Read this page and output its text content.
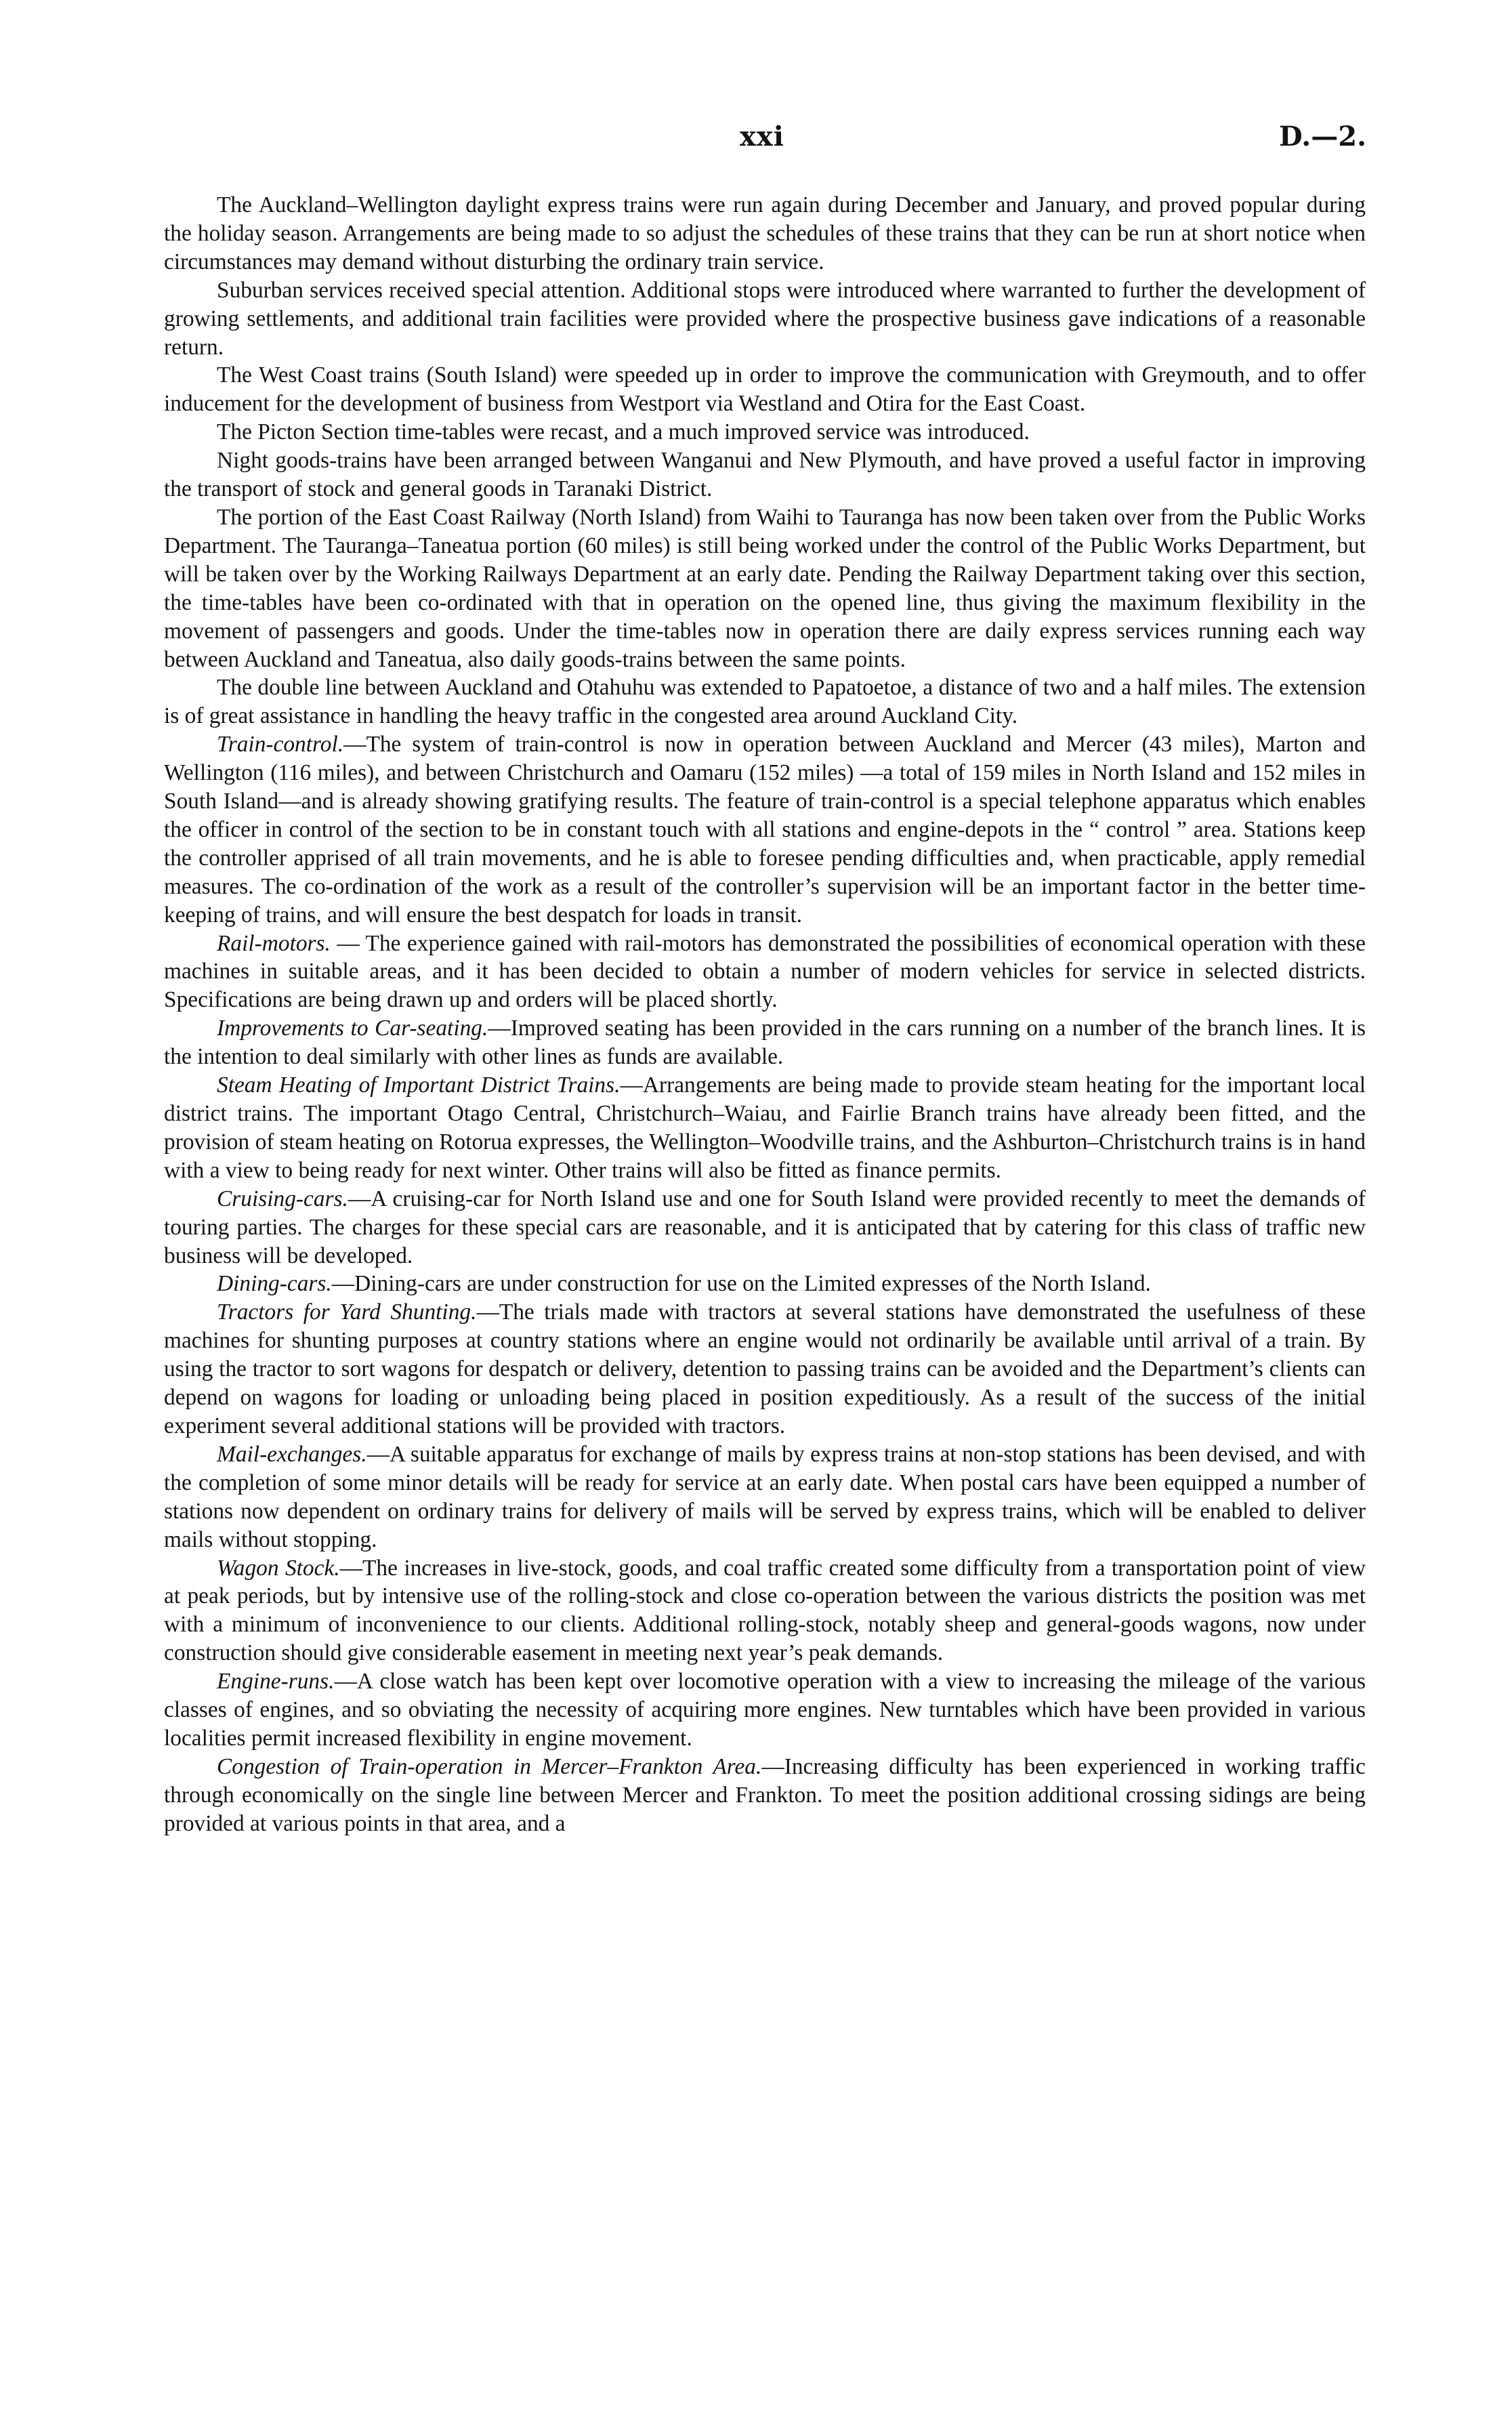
xxi	D.—2.

The Auckland–Wellington daylight express trains were run again during December and January, and proved popular during the holiday season. Arrangements are being made to so adjust the schedules of these trains that they can be run at short notice when circumstances may demand without disturbing the ordinary train service.

Suburban services received special attention. Additional stops were introduced where warranted to further the development of growing settlements, and additional train facilities were provided where the prospective business gave indications of a reasonable return.

The West Coast trains (South Island) were speeded up in order to improve the communication with Greymouth, and to offer inducement for the development of business from Westport via Westland and Otira for the East Coast.

The Picton Section time-tables were recast, and a much improved service was introduced.

Night goods-trains have been arranged between Wanganui and New Plymouth, and have proved a useful factor in improving the transport of stock and general goods in Taranaki District.

The portion of the East Coast Railway (North Island) from Waihi to Tauranga has now been taken over from the Public Works Department. The Tauranga–Taneatua portion (60 miles) is still being worked under the control of the Public Works Department, but will be taken over by the Working Railways Department at an early date. Pending the Railway Department taking over this section, the time-tables have been co-ordinated with that in operation on the opened line, thus giving the maximum flexibility in the movement of passengers and goods. Under the time-tables now in operation there are daily express services running each way between Auckland and Taneatua, also daily goods-trains between the same points.

The double line between Auckland and Otahuhu was extended to Papatoetoe, a distance of two and a half miles. The extension is of great assistance in handling the heavy traffic in the congested area around Auckland City.

Train-control.—The system of train-control is now in operation between Auckland and Mercer (43 miles), Marton and Wellington (116 miles), and between Christchurch and Oamaru (152 miles) —a total of 159 miles in North Island and 152 miles in South Island—and is already showing gratifying results. The feature of train-control is a special telephone apparatus which enables the officer in control of the section to be in constant touch with all stations and engine-depots in the “ control ” area. Stations keep the controller apprised of all train movements, and he is able to foresee pending difficulties and, when practicable, apply remedial measures. The co-ordination of the work as a result of the controller’s supervision will be an important factor in the better time-keeping of trains, and will ensure the best despatch for loads in transit.

Rail-motors. — The experience gained with rail-motors has demonstrated the possibilities of economical operation with these machines in suitable areas, and it has been decided to obtain a number of modern vehicles for service in selected districts. Specifications are being drawn up and orders will be placed shortly.

Improvements to Car-seating.—Improved seating has been provided in the cars running on a number of the branch lines. It is the intention to deal similarly with other lines as funds are available.

Steam Heating of Important District Trains.—Arrangements are being made to provide steam heating for the important local district trains. The important Otago Central, Christchurch–Waiau, and Fairlie Branch trains have already been fitted, and the provision of steam heating on Rotorua expresses, the Wellington–Woodville trains, and the Ashburton–Christchurch trains is in hand with a view to being ready for next winter. Other trains will also be fitted as finance permits.

Cruising-cars.—A cruising-car for North Island use and one for South Island were provided recently to meet the demands of touring parties. The charges for these special cars are reasonable, and it is anticipated that by catering for this class of traffic new business will be developed.

Dining-cars.—Dining-cars are under construction for use on the Limited expresses of the North Island.

Tractors for Yard Shunting.—The trials made with tractors at several stations have demonstrated the usefulness of these machines for shunting purposes at country stations where an engine would not ordinarily be available until arrival of a train. By using the tractor to sort wagons for despatch or delivery, detention to passing trains can be avoided and the Department’s clients can depend on wagons for loading or unloading being placed in position expeditiously. As a result of the success of the initial experiment several additional stations will be provided with tractors.

Mail-exchanges.—A suitable apparatus for exchange of mails by express trains at non-stop stations has been devised, and with the completion of some minor details will be ready for service at an early date. When postal cars have been equipped a number of stations now dependent on ordinary trains for delivery of mails will be served by express trains, which will be enabled to deliver mails without stopping.

Wagon Stock.—The increases in live-stock, goods, and coal traffic created some difficulty from a transportation point of view at peak periods, but by intensive use of the rolling-stock and close co-operation between the various districts the position was met with a minimum of inconvenience to our clients. Additional rolling-stock, notably sheep and general-goods wagons, now under construction should give considerable easement in meeting next year’s peak demands.

Engine-runs.—A close watch has been kept over locomotive operation with a view to increasing the mileage of the various classes of engines, and so obviating the necessity of acquiring more engines. New turntables which have been provided in various localities permit increased flexibility in engine movement.

Congestion of Train-operation in Mercer–Frankton Area.—Increasing difficulty has been experienced in working traffic through economically on the single line between Mercer and Frankton. To meet the position additional crossing sidings are being provided at various points in that area, and a
